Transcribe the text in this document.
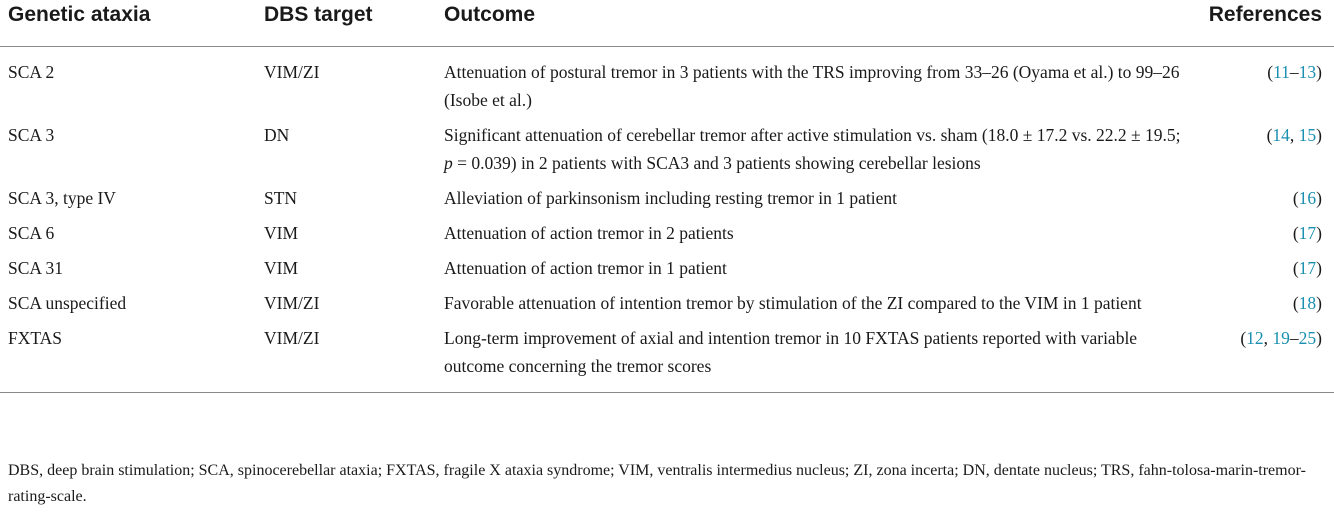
Genetic ataxia	DBS target	Outcome	References
SCA 2	VIM/ZI	Attenuation of postural tremor in 3 patients with the TRS improving from 33–26 (Oyama et al.) to 99–26 (Isobe et al.)	(11–13)
SCA 3	DN	Significant attenuation of cerebellar tremor after active stimulation vs. sham (18.0 ± 17.2 vs. 22.2 ± 19.5; p = 0.039) in 2 patients with SCA3 and 3 patients showing cerebellar lesions	(14, 15)
SCA 3, type IV	STN	Alleviation of parkinsonism including resting tremor in 1 patient	(16)
SCA 6	VIM	Attenuation of action tremor in 2 patients	(17)
SCA 31	VIM	Attenuation of action tremor in 1 patient	(17)
SCA unspecified	VIM/ZI	Favorable attenuation of intention tremor by stimulation of the ZI compared to the VIM in 1 patient	(18)
FXTAS	VIM/ZI	Long-term improvement of axial and intention tremor in 10 FXTAS patients reported with variable outcome concerning the tremor scores	(12, 19–25)
DBS, deep brain stimulation; SCA, spinocerebellar ataxia; FXTAS, fragile X ataxia syndrome; VIM, ventralis intermedius nucleus; ZI, zona incerta; DN, dentate nucleus; TRS, fahn-tolosa-marin-tremor-rating-scale.
